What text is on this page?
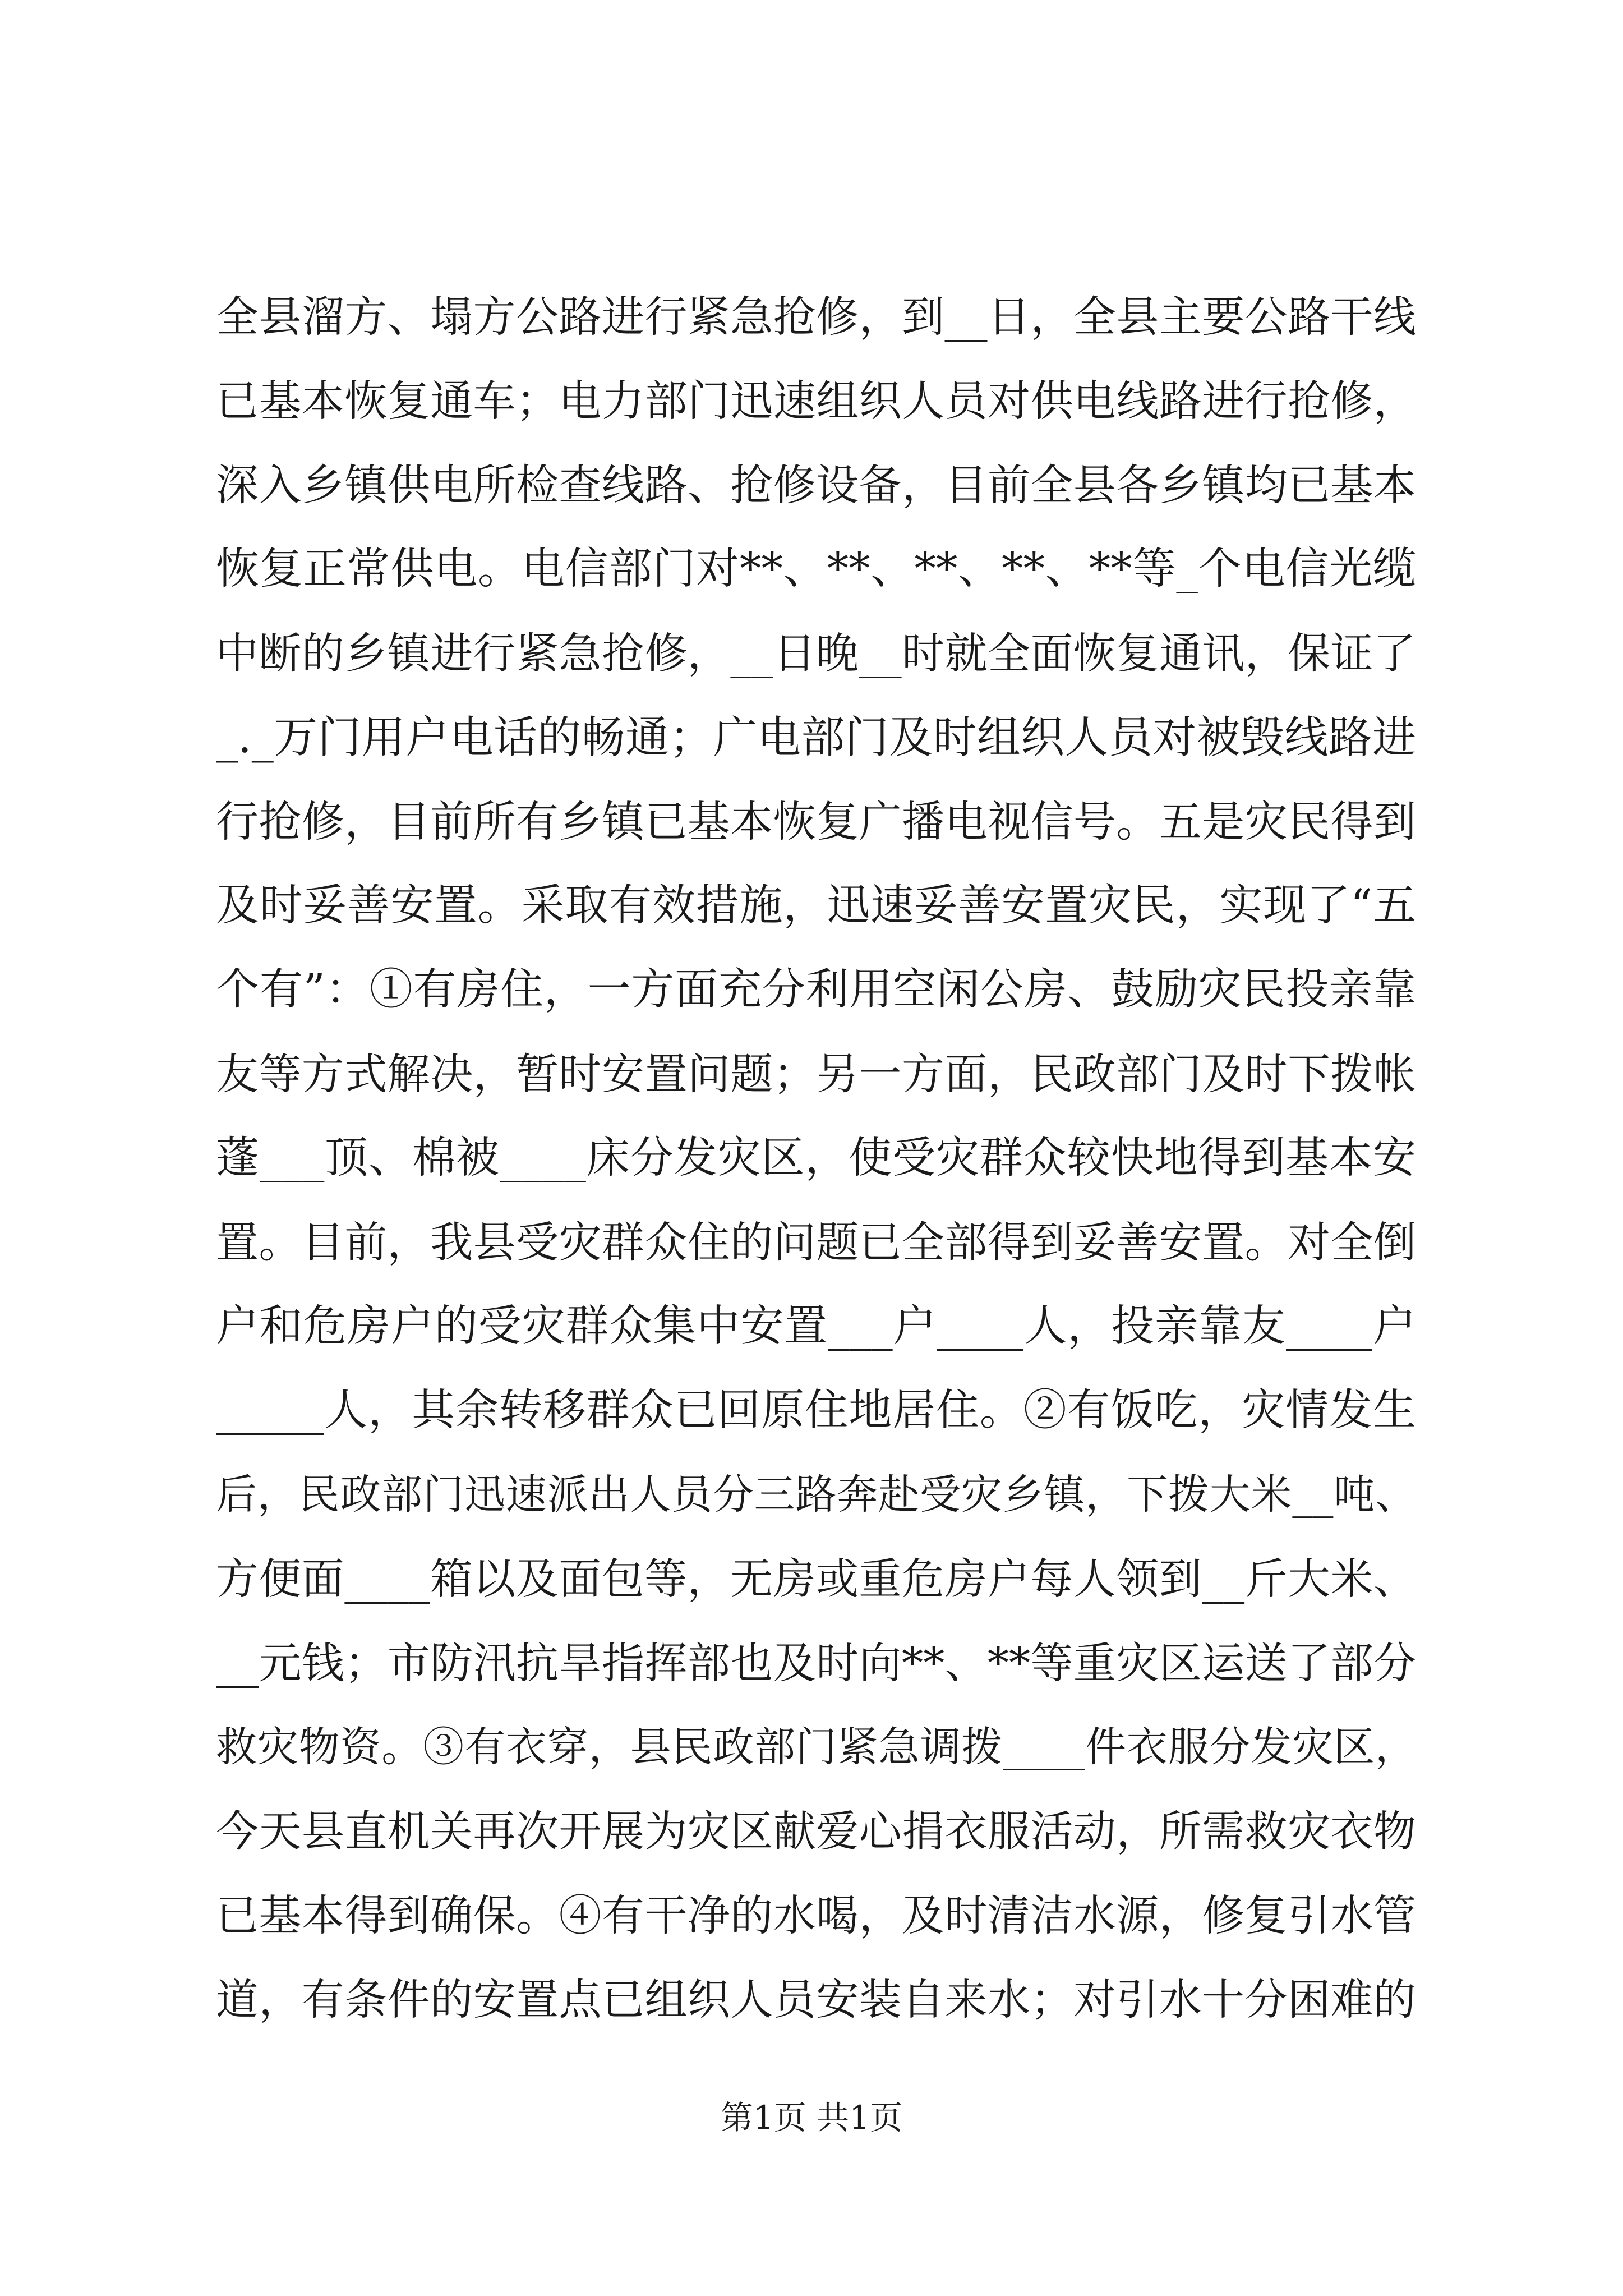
全县溜方、塌方公路进行紧急抢修，到__日，全县主要公路干线
已基本恢复通车；电力部门迅速组织人员对供电线路进行抢修，
深入乡镇供电所检查线路、抢修设备，目前全县各乡镇均已基本
恢复正常供电。电信部门对**、**、**、**、**等_个电信光缆
中断的乡镇进行紧急抢修，__日晚__时就全面恢复通讯，保证了
_._万门用户电话的畅通；广电部门及时组织人员对被毁线路进
行抢修，目前所有乡镇已基本恢复广播电视信号。五是灾民得到
及时妥善安置。采取有效措施，迅速妥善安置灾民，实现了“五
个有”：①有房住，一方面充分利用空闲公房、鼓励灾民投亲靠
友等方式解决，暂时安置问题；另一方面，民政部门及时下拨帐
蓬___顶、棉被____床分发灾区，使受灾群众较快地得到基本安
置。目前，我县受灾群众住的问题已全部得到妥善安置。对全倒
户和危房户的受灾群众集中安置___户____人，投亲靠友____户
_____人，其余转移群众已回原住地居住。②有饭吃，灾情发生
后，民政部门迅速派出人员分三路奔赴受灾乡镇，下拨大米__吨、
方便面____箱以及面包等，无房或重危房户每人领到__斤大米、
__元钱；市防汛抗旱指挥部也及时向**、**等重灾区运送了部分
救灾物资。③有衣穿，县民政部门紧急调拨____件衣服分发灾区，
今天县直机关再次开展为灾区献爱心捐衣服活动，所需救灾衣物
已基本得到确保。④有干净的水喝，及时清洁水源，修复引水管
道，有条件的安置点已组织人员安装自来水；对引水十分困难的
第1页 共1页
